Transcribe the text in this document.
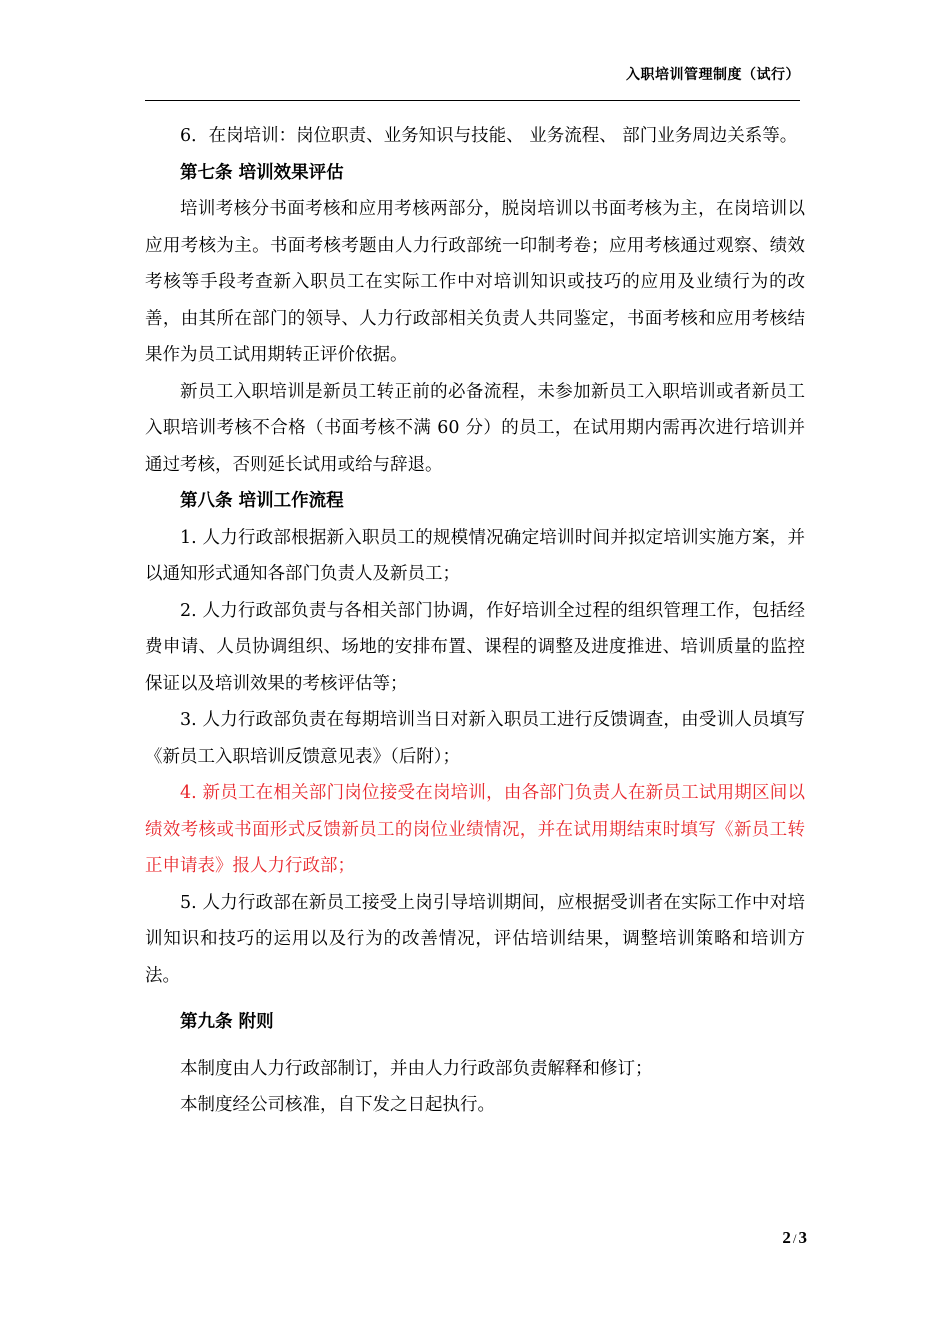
入职培训管理制度（试行）

6．在岗培训：岗位职责、业务知识与技能、 业务流程、 部门业务周边关系等。

第七条 培训效果评估

培训考核分书面考核和应用考核两部分，脱岗培训以书面考核为主，在岗培训以应用考核为主。书面考核考题由人力行政部统一印制考卷；应用考核通过观察、绩效考核等手段考查新入职员工在实际工作中对培训知识或技巧的应用及业绩行为的改善，由其所在部门的领导、人力行政部相关负责人共同鉴定，书面考核和应用考核结果作为员工试用期转正评价依据。

新员工入职培训是新员工转正前的必备流程，未参加新员工入职培训或者新员工入职培训考核不合格（书面考核不满 60 分）的员工，在试用期内需再次进行培训并通过考核，否则延长试用或给与辞退。

第八条 培训工作流程

1. 人力行政部根据新入职员工的规模情况确定培训时间并拟定培训实施方案，并以通知形式通知各部门负责人及新员工；

2. 人力行政部负责与各相关部门协调，作好培训全过程的组织管理工作，包括经费申请、人员协调组织、场地的安排布置、课程的调整及进度推进、培训质量的监控保证以及培训效果的考核评估等；

3. 人力行政部负责在每期培训当日对新入职员工进行反馈调查，由受训人员填写《新员工入职培训反馈意见表》（后附）；

4. 新员工在相关部门岗位接受在岗培训，由各部门负责人在新员工试用期区间以绩效考核或书面形式反馈新员工的岗位业绩情况，并在试用期结束时填写《新员工转正申请表》报人力行政部；

5. 人力行政部在新员工接受上岗引导培训期间，应根据受训者在实际工作中对培训知识和技巧的运用以及行为的改善情况，评估培训结果，调整培训策略和培训方法。

第九条 附则

本制度由人力行政部制订，并由人力行政部负责解释和修订；

本制度经公司核准，自下发之日起执行。

2 / 3
